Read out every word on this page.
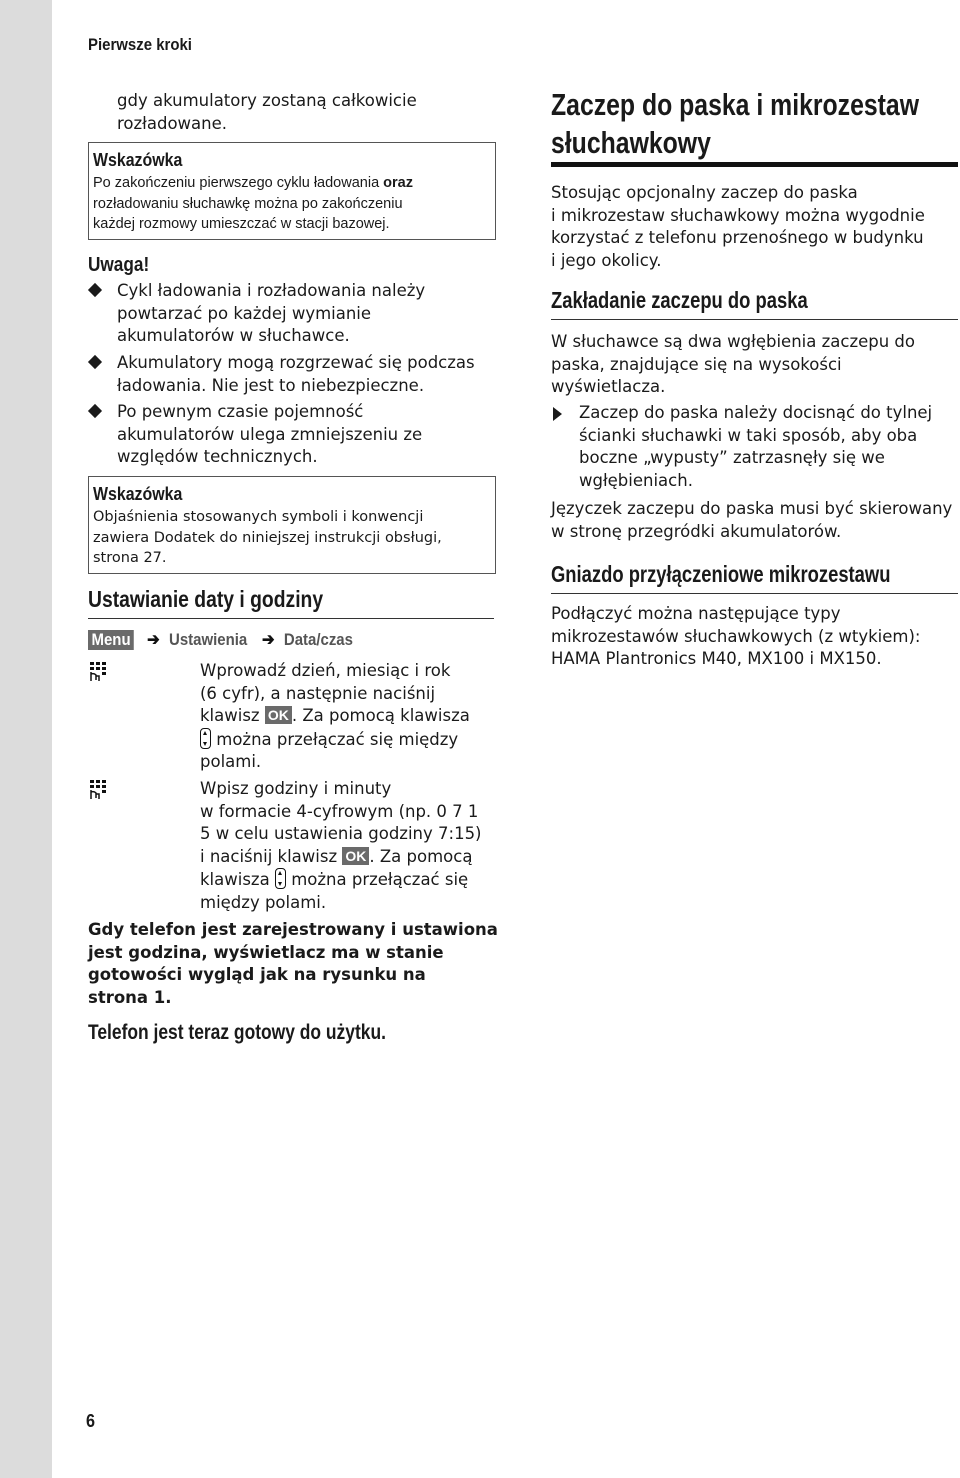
Pierwsze kroki
gdy akumulatory zostaną całkowicie
rozładowane.
Wskazówka
Po zakończeniu pierwszego cyklu ładowania oraz
rozładowaniu słuchawkę można po zakończeniu
każdej rozmowy umieszczać w stacji bazowej.
Uwaga!
Cykl ładowania i rozładowania należy
powtarzać po każdej wymianie
akumulatorów w słuchawce.
Akumulatory mogą rozgrzewać się podczas
ładowania. Nie jest to niebezpieczne.
Po pewnym czasie pojemność
akumulatorów ulega zmniejszeniu ze
względów technicznych.
Wskazówka
Objaśnienia stosowanych symboli i konwencji
zawiera Dodatek do niniejszej instrukcji obsługi,
strona 27.
Ustawianie daty i godziny
Menu ➔ Ustawienia ➔ Data/czas
Wprowadź dzień, miesiąc i rok
(6 cyfr), a następnie naciśnij
klawisz OK . Za pomocą klawisza
można przełączać się między
polami.
Wpisz godziny i minuty
w formacie 4-cyfrowym (np. 0 7 1
5 w celu ustawienia godziny 7:15)
i naciśnij klawisz OK . Za pomocą
klawisza  można przełączać się
między polami.
Gdy telefon jest zarejestrowany i ustawiona
jest godzina, wyświetlacz ma w stanie
gotowości wygląd jak na rysunku na
strona 1.
Telefon jest teraz gotowy do użytku.
Zaczep do paska i mikrozestaw
słuchawkowy
Stosując opcjonalny zaczep do paska
i mikrozestaw słuchawkowy można wygodnie
korzystać z telefonu przenośnego w budynku
i jego okolicy.
Zakładanie zaczepu do paska
W słuchawce są dwa wgłębienia zaczepu do
paska, znajdujące się na wysokości
wyświetlacza.
Zaczep do paska należy docisnąć do tylnej
ścianki słuchawki w taki sposób, aby oba
boczne „wypusty” zatrzasnęły się we
wgłębieniach.
Języczek zaczepu do paska musi być skierowany
w stronę przegródki akumulatorów.
Gniazdo przyłączeniowe mikrozestawu
Podłączyć można następujące typy
mikrozestawów słuchawkowych (z wtykiem):
HAMA Plantronics M40, MX100 i MX150.
6
